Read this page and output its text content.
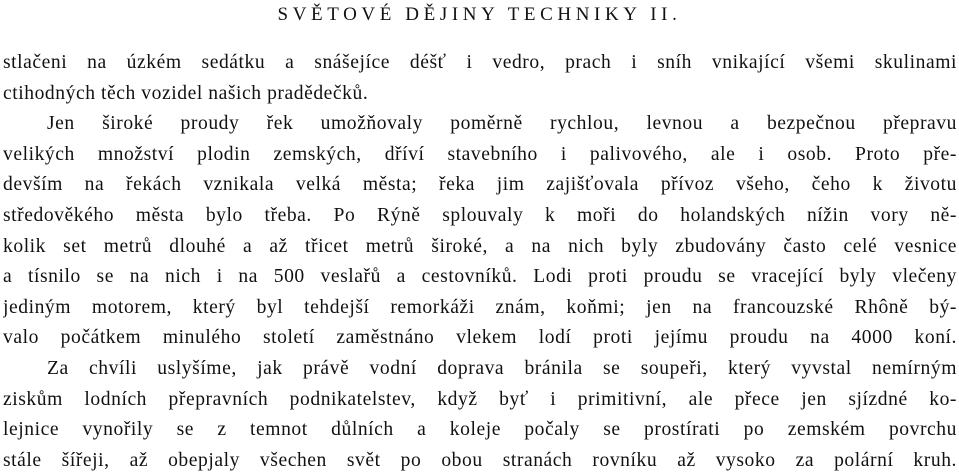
SVĚTOVÉ DĚJINY TECHNIKY II.
stlačeni na úzkém sedátku a snášejíce déšť i vedro, prach i sníh vnikající všemi skulinami
ctihodných těch vozidel našich pradědečků.
Jen široké proudy řek umožňovaly poměrně rychlou, levnou a bezpečnou přepravu
velikých množství plodin zemských, dříví stavebního i palivového, ale i osob. Proto pře-
devším na řekách vznikala velká města; řeka jim zajišťovala přívoz všeho, čeho k životu
středověkého města bylo třeba. Po Rýně splouvaly k moři do holandských nížin vory ně-
kolik set metrů dlouhé a až třicet metrů široké, a na nich byly zbudovány často celé vesnice
a tísnilo se na nich i na 500 veslařů a cestovníků. Lodi proti proudu se vracející byly vlečeny
jediným motorem, který byl tehdejší remorkáži znám, koňmi; jen na francouzské Rhôně bý-
valo počátkem minulého století zaměstnáno vlekem lodí proti jejímu proudu na 4000 koní.
Za chvíli uslyšíme, jak právě vodní doprava bránila se soupeři, který vyvstal nemírným
ziskům lodních přepravních podnikatelstev, když byť i primitivní, ale přece jen sjízdné ko-
lejnice vynořily se z temnot důlních a koleje počaly se prostírati po zemském povrchu
stále šířeji, až obepjaly všechen svět po obou stranách rovníku až vysoko za polární kruh.
